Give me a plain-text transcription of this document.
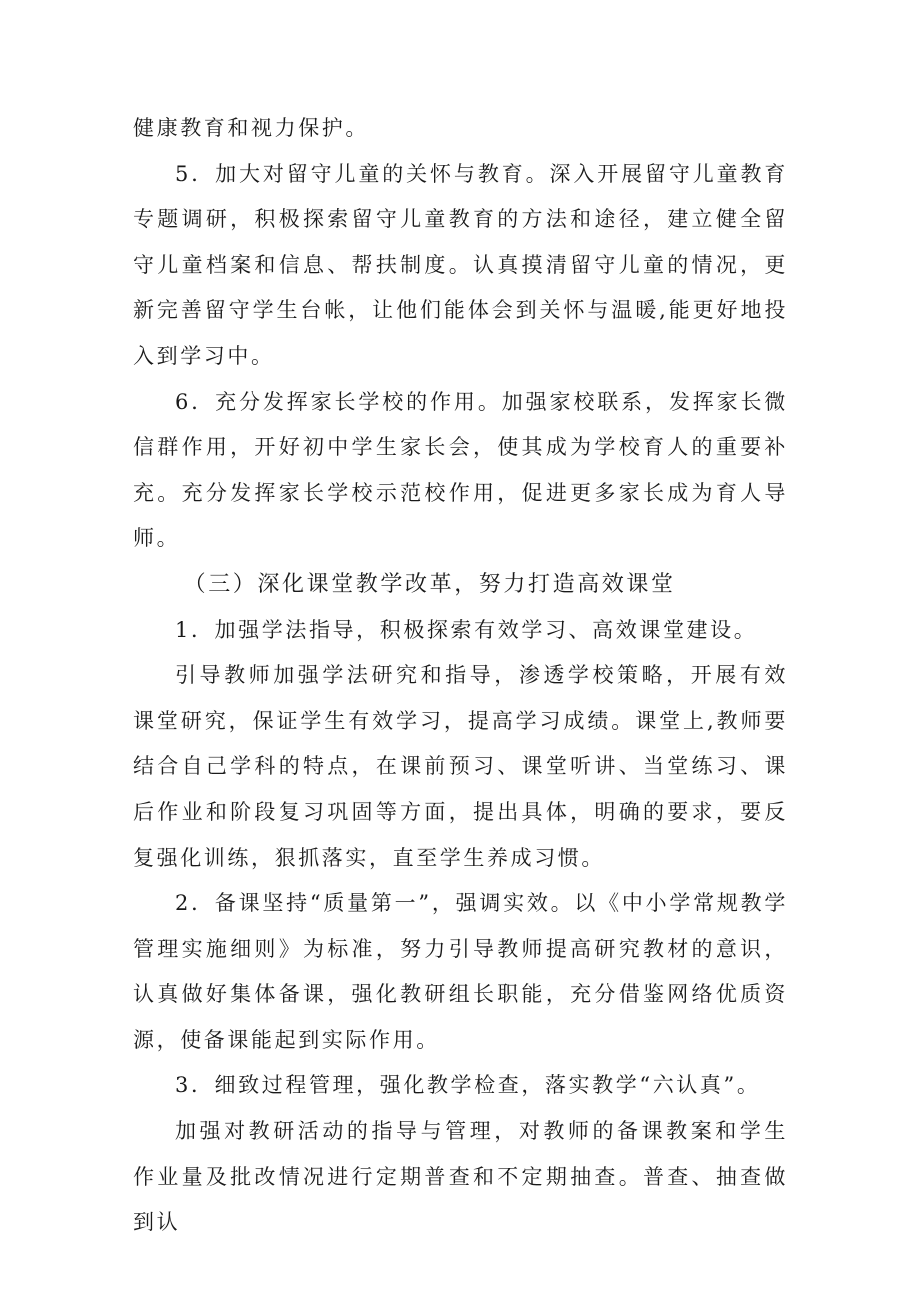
健康教育和视力保护。

5．加大对留守儿童的关怀与教育。深入开展留守儿童教育专题调研，积极探索留守儿童教育的方法和途径，建立健全留守儿童档案和信息、帮扶制度。认真摸清留守儿童的情况，更新完善留守学生台帐，让他们能体会到关怀与温暖,能更好地投入到学习中。

6．充分发挥家长学校的作用。加强家校联系，发挥家长微信群作用，开好初中学生家长会，使其成为学校育人的重要补充。充分发挥家长学校示范校作用，促进更多家长成为育人导师。

（三）深化课堂教学改革，努力打造高效课堂

1．加强学法指导，积极探索有效学习、高效课堂建设。

引导教师加强学法研究和指导，渗透学校策略，开展有效课堂研究，保证学生有效学习，提高学习成绩。课堂上,教师要结合自己学科的特点，在课前预习、课堂听讲、当堂练习、课后作业和阶段复习巩固等方面，提出具体，明确的要求，要反复强化训练，狠抓落实，直至学生养成习惯。

2．备课坚持“质量第一”，强调实效。以《中小学常规教学管理实施细则》为标准，努力引导教师提高研究教材的意识，认真做好集体备课，强化教研组长职能，充分借鉴网络优质资源，使备课能起到实际作用。

3．细致过程管理，强化教学检查，落实教学“六认真”。

加强对教研活动的指导与管理，对教师的备课教案和学生作业量及批改情况进行定期普查和不定期抽查。普查、抽查做到认
